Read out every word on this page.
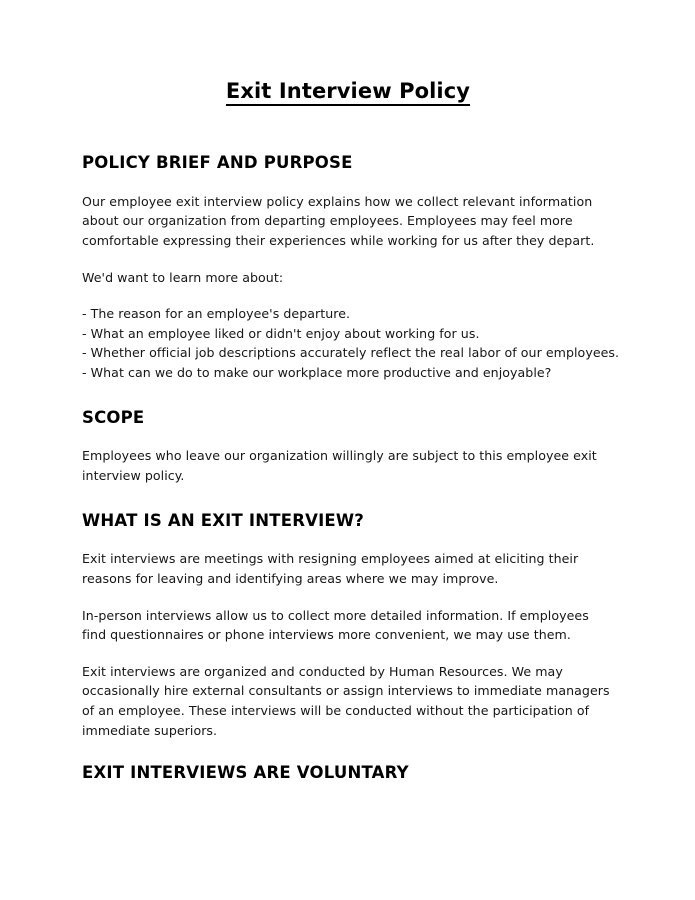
Exit Interview Policy
POLICY BRIEF AND PURPOSE

Our employee exit interview policy explains how we collect relevant information about our organization from departing employees. Employees may feel more comfortable expressing their experiences while working for us after they depart.

We'd want to learn more about:

- The reason for an employee's departure.
- What an employee liked or didn't enjoy about working for us.
- Whether official job descriptions accurately reflect the real labor of our employees.
- What can we do to make our workplace more productive and enjoyable?
SCOPE

Employees who leave our organization willingly are subject to this employee exit interview policy.

WHAT IS AN EXIT INTERVIEW?

Exit interviews are meetings with resigning employees aimed at eliciting their reasons for leaving and identifying areas where we may improve.

In-person interviews allow us to collect more detailed information. If employees find questionnaires or phone interviews more convenient, we may use them.

Exit interviews are organized and conducted by Human Resources. We may occasionally hire external consultants or assign interviews to immediate managers of an employee. These interviews will be conducted without the participation of immediate superiors.

EXIT INTERVIEWS ARE VOLUNTARY
